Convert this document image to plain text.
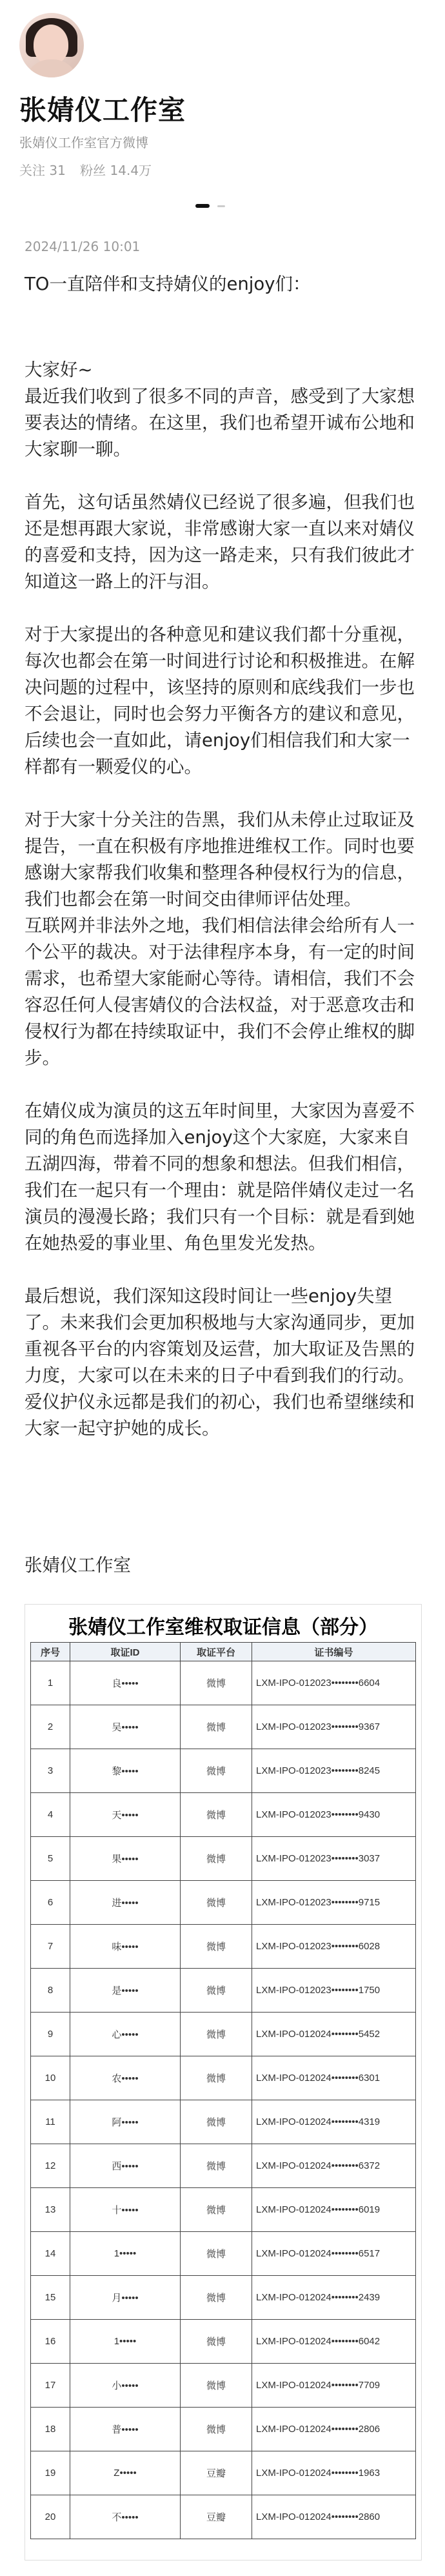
张婧仪工作室
张婧仪工作室官方微博
关注 31 粉丝 14.4万
2024/11/26 10:01

TO一直陪伴和支持婧仪的enjoy们：

大家好~
最近我们收到了很多不同的声音，感受到了大家想要表达的情绪。在这里，我们也希望开诚布公地和大家聊一聊。

首先，这句话虽然婧仪已经说了很多遍，但我们也还是想再跟大家说，非常感谢大家一直以来对婧仪的喜爱和支持，因为这一路走来，只有我们彼此才知道这一路上的汗与泪。

对于大家提出的各种意见和建议我们都十分重视，每次也都会在第一时间进行讨论和积极推进。在解决问题的过程中，该坚持的原则和底线我们一步也不会退让，同时也会努力平衡各方的建议和意见，后续也会一直如此，请enjoy们相信我们和大家一样都有一颗爱仪的心。

对于大家十分关注的告黑，我们从未停止过取证及提告，一直在积极有序地推进维权工作。同时也要感谢大家帮我们收集和整理各种侵权行为的信息，我们也都会在第一时间交由律师评估处理。
互联网并非法外之地，我们相信法律会给所有人一个公平的裁决。对于法律程序本身，有一定的时间需求，也希望大家能耐心等待。请相信，我们不会容忍任何人侵害婧仪的合法权益，对于恶意攻击和侵权行为都在持续取证中，我们不会停止维权的脚步。

在婧仪成为演员的这五年时间里，大家因为喜爱不同的角色而选择加入enjoy这个大家庭，大家来自五湖四海，带着不同的想象和想法。但我们相信，我们在一起只有一个理由：就是陪伴婧仪走过一名演员的漫漫长路；我们只有一个目标：就是看到她在她热爱的事业里、角色里发光发热。

最后想说，我们深知这段时间让一些enjoy失望了。未来我们会更加积极地与大家沟通同步，更加重视各平台的内容策划及运营，加大取证及告黑的力度，大家可以在未来的日子中看到我们的行动。爱仪护仪永远都是我们的初心，我们也希望继续和大家一起守护她的成长。

张婧仪工作室
张婧仪工作室维权取证信息（部分）
序号	取证ID	取证平台	证书编号
1	良•••••	微博	LXM-IPO-012023••••••••6604
2	吴•••••	微博	LXM-IPO-012023••••••••9367
3	黎•••••	微博	LXM-IPO-012023••••••••8245
4	天•••••	微博	LXM-IPO-012023••••••••9430
5	果•••••	微博	LXM-IPO-012023••••••••3037
6	进•••••	微博	LXM-IPO-012023••••••••9715
7	味•••••	微博	LXM-IPO-012023••••••••6028
8	是•••••	微博	LXM-IPO-012023••••••••1750
9	心•••••	微博	LXM-IPO-012024••••••••5452
10	农•••••	微博	LXM-IPO-012024••••••••6301
11	阿•••••	微博	LXM-IPO-012024••••••••4319
12	西•••••	微博	LXM-IPO-012024••••••••6372
13	十•••••	微博	LXM-IPO-012024••••••••6019
14	1•••••	微博	LXM-IPO-012024••••••••6517
15	月•••••	微博	LXM-IPO-012024••••••••2439
16	1•••••	微博	LXM-IPO-012024••••••••6042
17	小•••••	微博	LXM-IPO-012024••••••••7709
18	普•••••	微博	LXM-IPO-012024••••••••2806
19	Z•••••	豆瓣	LXM-IPO-012024••••••••1963
20	不•••••	豆瓣	LXM-IPO-012024••••••••2860
